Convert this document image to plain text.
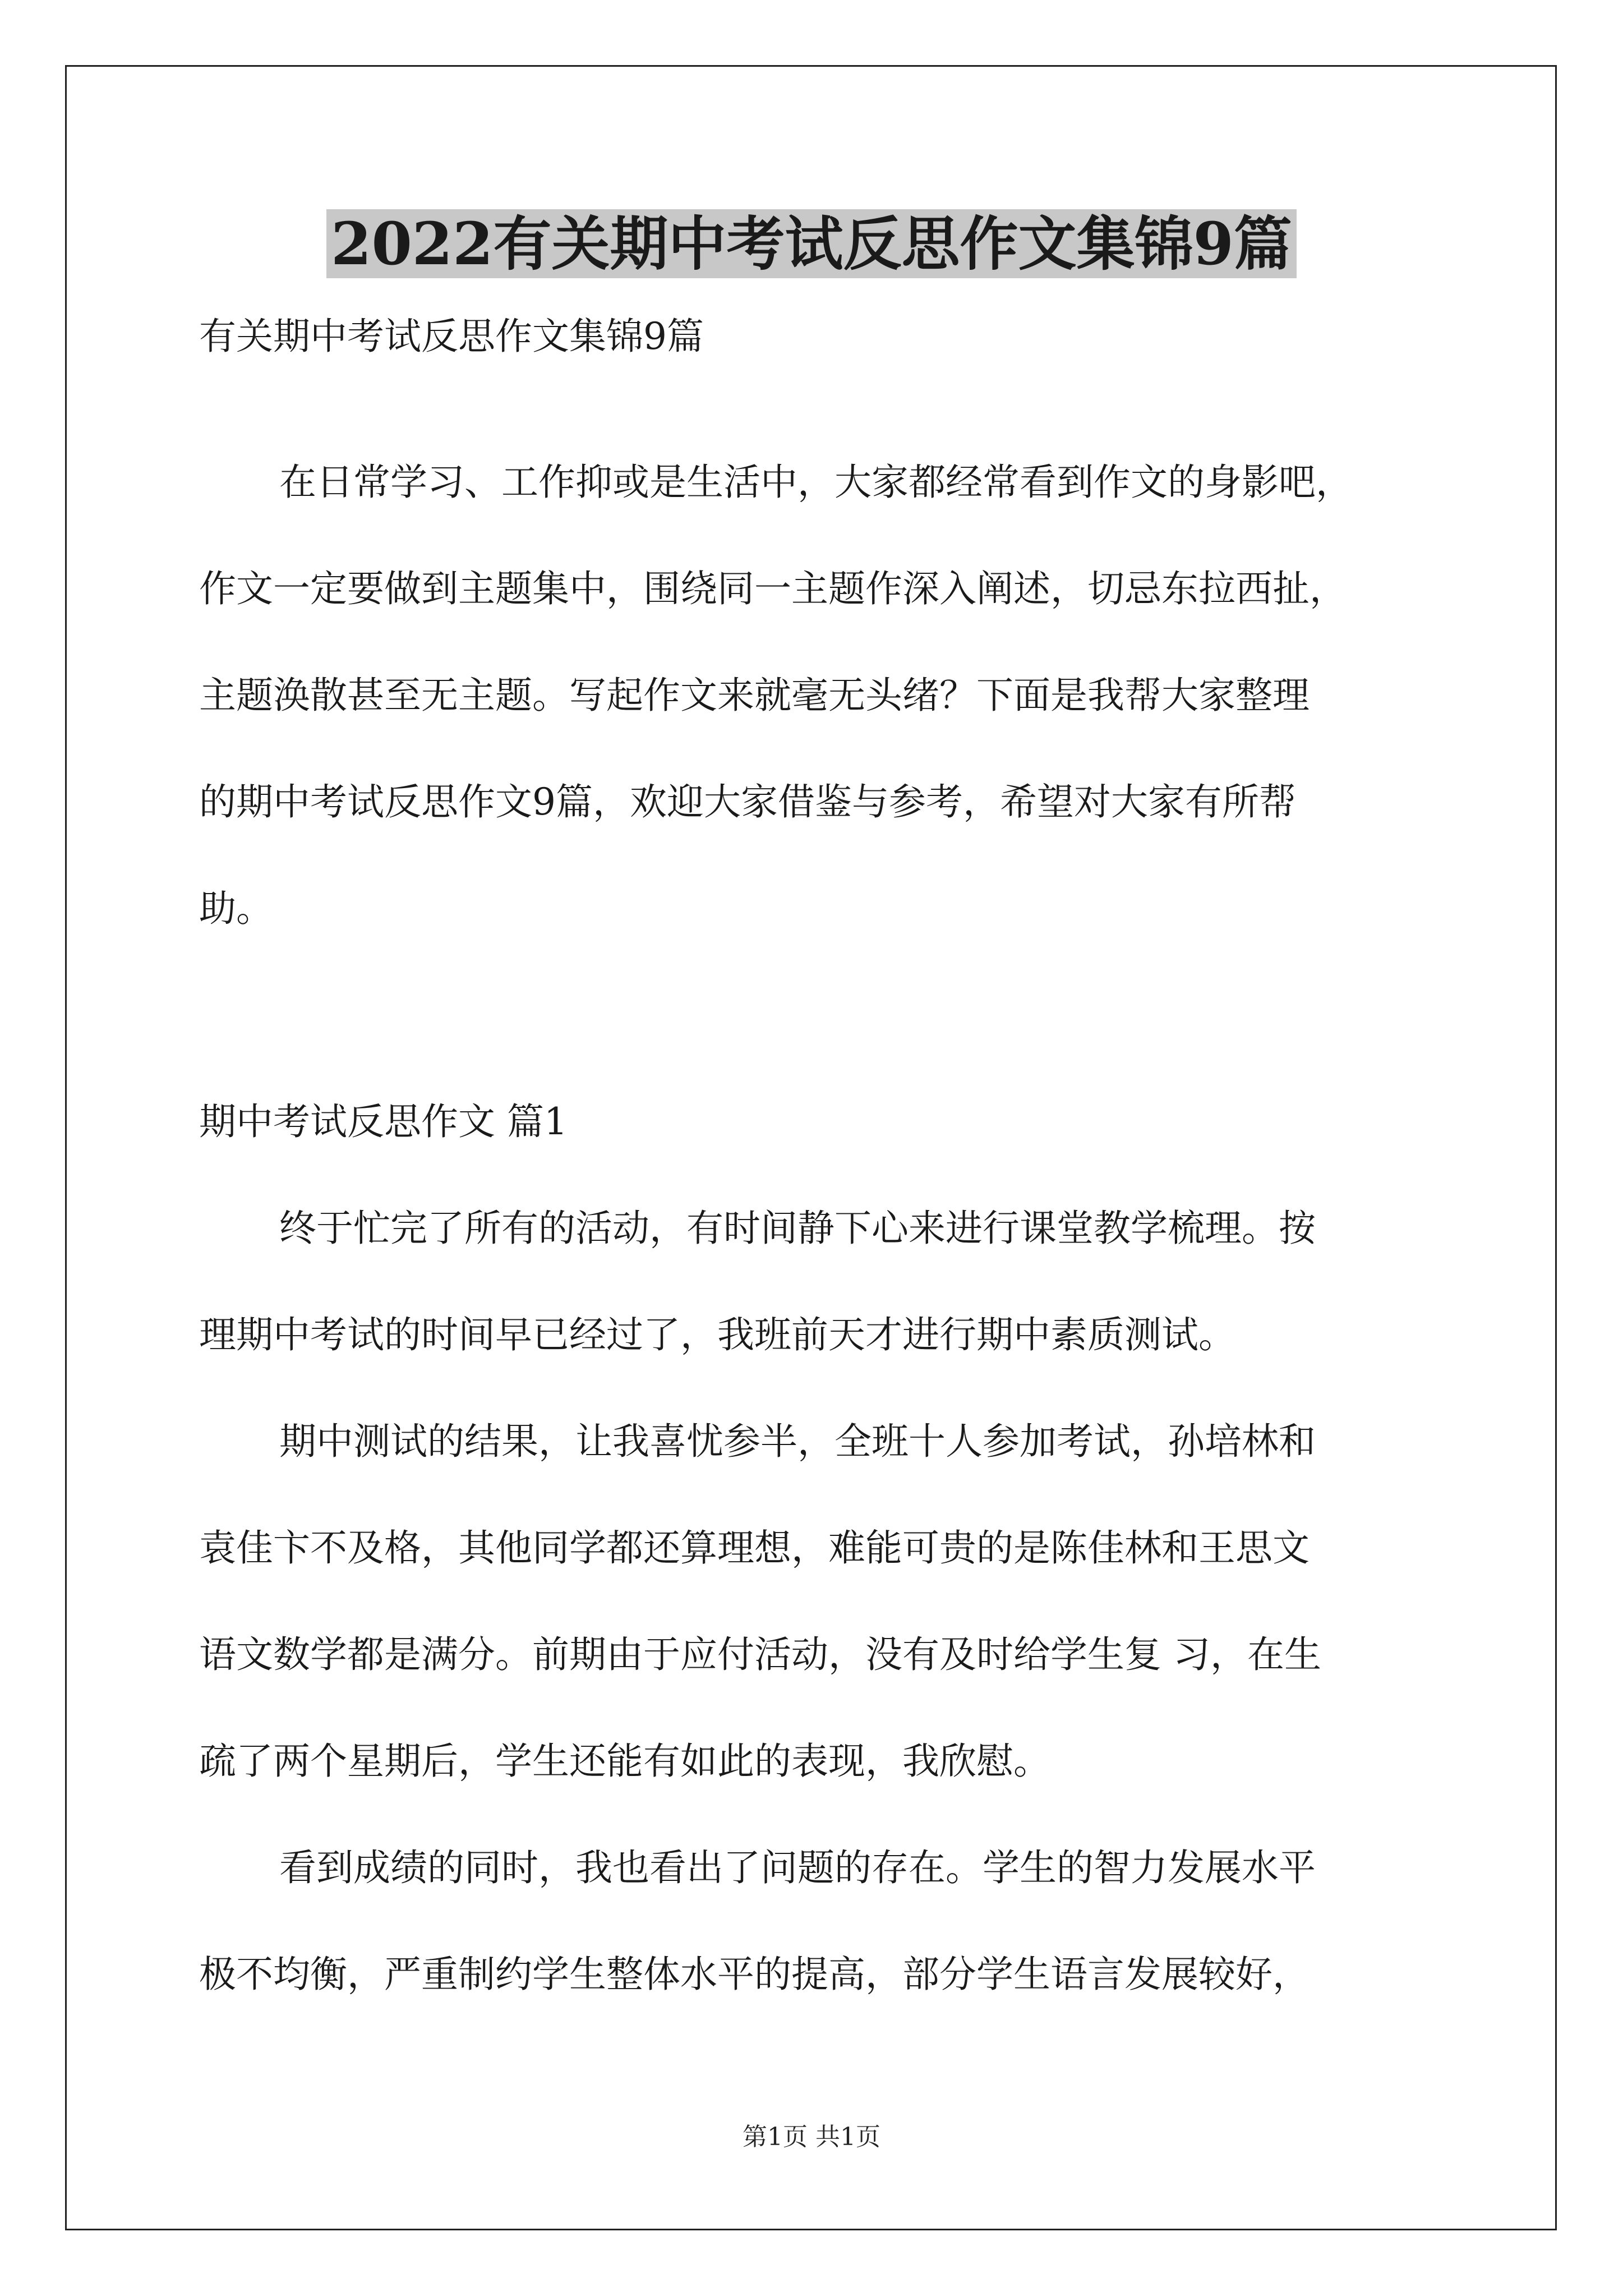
2022有关期中考试反思作文集锦9篇
有关期中考试反思作文集锦9篇
在日常学习、工作抑或是生活中，大家都经常看到作文的身影吧，
作文一定要做到主题集中，围绕同一主题作深入阐述，切忌东拉西扯，
主题涣散甚至无主题。写起作文来就毫无头绪？下面是我帮大家整理
的期中考试反思作文9篇，欢迎大家借鉴与参考，希望对大家有所帮
助。
期中考试反思作文 篇1
终于忙完了所有的活动，有时间静下心来进行课堂教学梳理。按
理期中考试的时间早已经过了，我班前天才进行期中素质测试。
期中测试的结果，让我喜忧参半，全班十人参加考试，孙培林和
袁佳卞不及格，其他同学都还算理想，难能可贵的是陈佳林和王思文
语文数学都是满分。前期由于应付活动，没有及时给学生复 习，在生
疏了两个星期后，学生还能有如此的表现，我欣慰。
看到成绩的同时，我也看出了问题的存在。学生的智力发展水平
极不均衡，严重制约学生整体水平的提高，部分学生语言发展较好，
第1页 共1页
